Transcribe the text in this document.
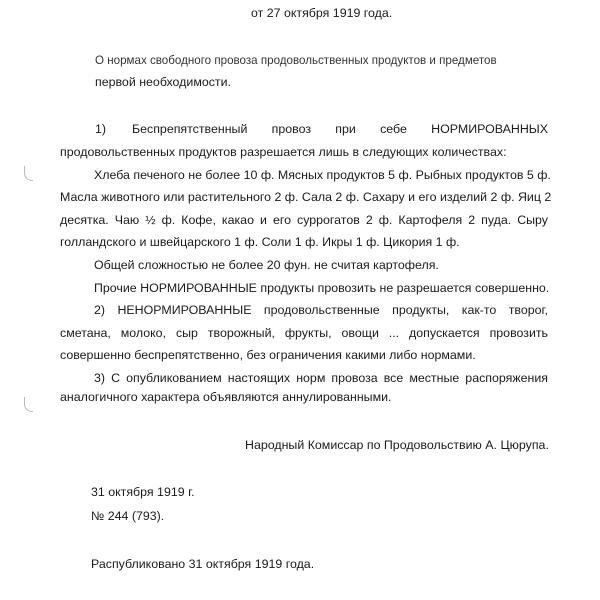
от 27 октября 1919 года.
О нормах свободного провоза продовольственных продуктов и предметов
первой необходимости.
1) Беспрепятственный провоз при себе НОРМИРОВАННЫХ
продовольственных продуктов разрешается лишь в следующих количествах:
Хлеба печеного не более 10 ф. Мясных продуктов 5 ф. Рыбных продуктов 5 ф.
Масла животного или растительного 2 ф. Сала 2 ф. Сахару и его изделий 2 ф. Яиц 2
десятка. Чаю ½ ф. Кофе, какао и его суррогатов 2 ф. Картофеля 2 пуда. Сыру
голландского и швейцарского 1 ф. Соли 1 ф. Икры 1 ф. Цикория 1 ф.
Общей сложностью не более 20 фун. не считая картофеля.
Прочие НОРМИРОВАННЫЕ продукты провозить не разрешается совершенно.
2) НЕНОРМИРОВАННЫЕ продовольственные продукты, как-то творог,
сметана, молоко, сыр творожный, фрукты, овощи ... допускается провозить
совершенно беспрепятственно, без ограничения какими либо нормами.
3) С опубликованием настоящих норм провоза все местные распоряжения
аналогичного характера объявляются аннулированными.
Народный Комиссар по Продовольствию А. Цюрупа.
31 октября 1919 г.
№ 244 (793).
Распубликовано 31 октября 1919 года.
